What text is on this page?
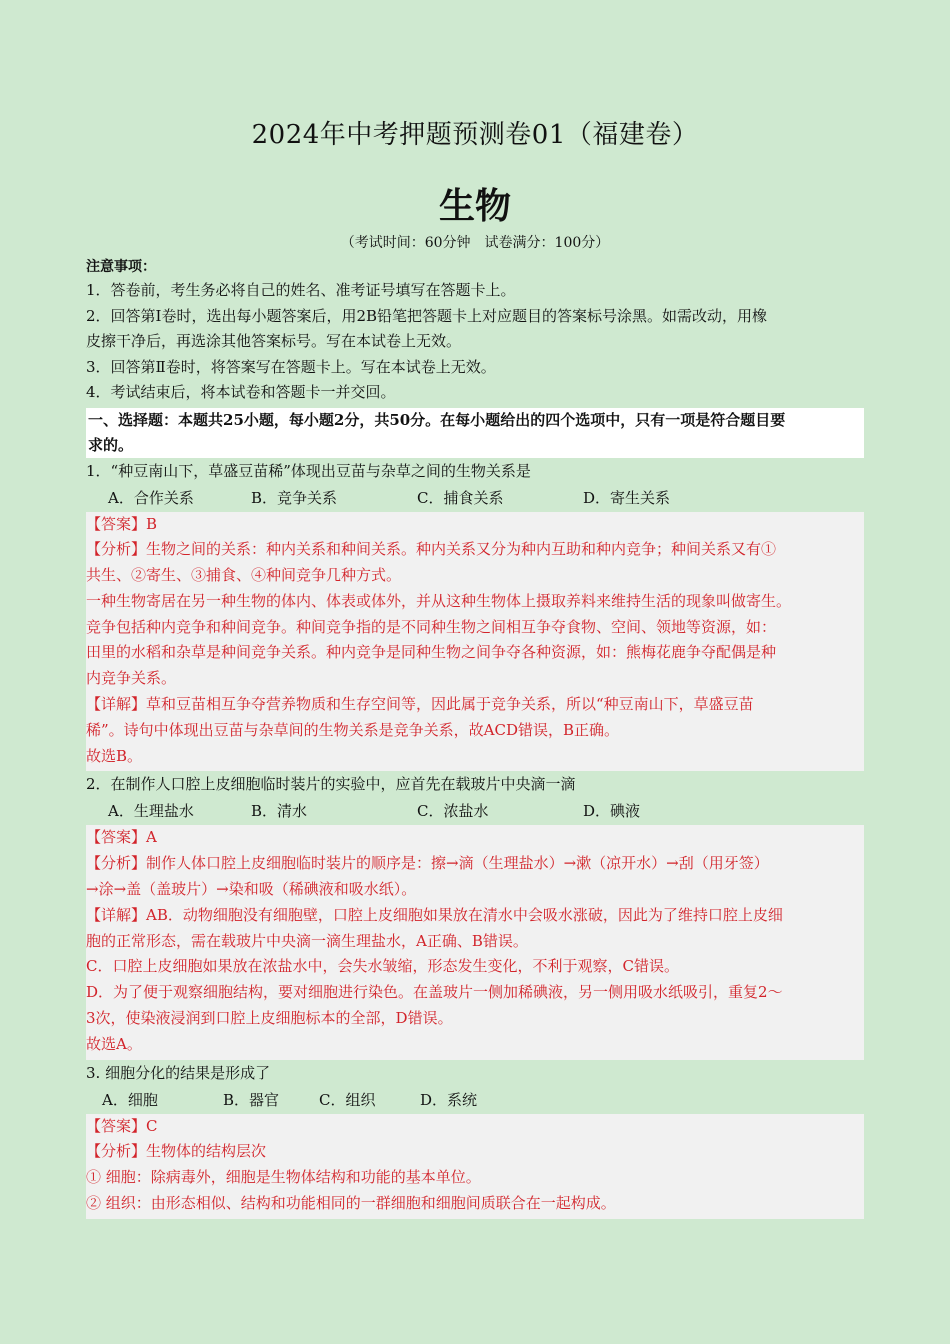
2024年中考押题预测卷01（福建卷）
生物
（考试时间：60分钟　试卷满分：100分）
注意事项：
1．答卷前，考生务必将自己的姓名、准考证号填写在答题卡上。
2．回答第Ⅰ卷时，选出每小题答案后，用2B铅笔把答题卡上对应题目的答案标号涂黑。如需改动，用橡
皮擦干净后，再选涂其他答案标号。写在本试卷上无效。
3．回答第Ⅱ卷时，将答案写在答题卡上。写在本试卷上无效。
4．考试结束后，将本试卷和答题卡一并交回。
一、选择题：本题共25小题，每小题2分，共50分。在每小题给出的四个选项中，只有一项是符合题目要
求的。
1．“种豆南山下，草盛豆苗稀”体现出豆苗与杂草之间的生物关系是
A．合作关系	B．竞争关系	C．捕食关系	D．寄生关系
【答案】B
【分析】生物之间的关系：种内关系和种间关系。种内关系又分为种内互助和种内竞争；种间关系又有①
共生、②寄生、③捕食、④种间竞争几种方式。
一种生物寄居在另一种生物的体内、体表或体外，并从这种生物体上摄取养料来维持生活的现象叫做寄生。
竞争包括种内竞争和种间竞争。种间竞争指的是不同种生物之间相互争夺食物、空间、领地等资源，如：
田里的水稻和杂草是种间竞争关系。种内竞争是同种生物之间争夺各种资源，如：熊梅花鹿争夺配偶是种
内竞争关系。
【详解】草和豆苗相互争夺营养物质和生存空间等，因此属于竞争关系，所以“种豆南山下，草盛豆苗
稀”。诗句中体现出豆苗与杂草间的生物关系是竞争关系，故ACD错误，B正确。
故选B。
2．在制作人口腔上皮细胞临时装片的实验中，应首先在载玻片中央滴一滴
A．生理盐水	B．清水	C．浓盐水	D．碘液
【答案】A
【分析】制作人体口腔上皮细胞临时装片的顺序是：擦→滴（生理盐水）→漱（凉开水）→刮（用牙签）
→涂→盖（盖玻片）→染和吸（稀碘液和吸水纸）。
【详解】AB．动物细胞没有细胞壁，口腔上皮细胞如果放在清水中会吸水涨破，因此为了维持口腔上皮细
胞的正常形态，需在载玻片中央滴一滴生理盐水，A正确、B错误。
C．口腔上皮细胞如果放在浓盐水中，会失水皱缩，形态发生变化，不利于观察，C错误。
D．为了便于观察细胞结构，要对细胞进行染色。在盖玻片一侧加稀碘液，另一侧用吸水纸吸引，重复2～
3次，使染液浸润到口腔上皮细胞标本的全部，D错误。
故选A。
3. 细胞分化的结果是形成了
A．细胞	B．器官	C．组织	D．系统
【答案】C
【分析】生物体的结构层次
① 细胞：除病毒外，细胞是生物体结构和功能的基本单位。
② 组织：由形态相似、结构和功能相同的一群细胞和细胞间质联合在一起构成。
